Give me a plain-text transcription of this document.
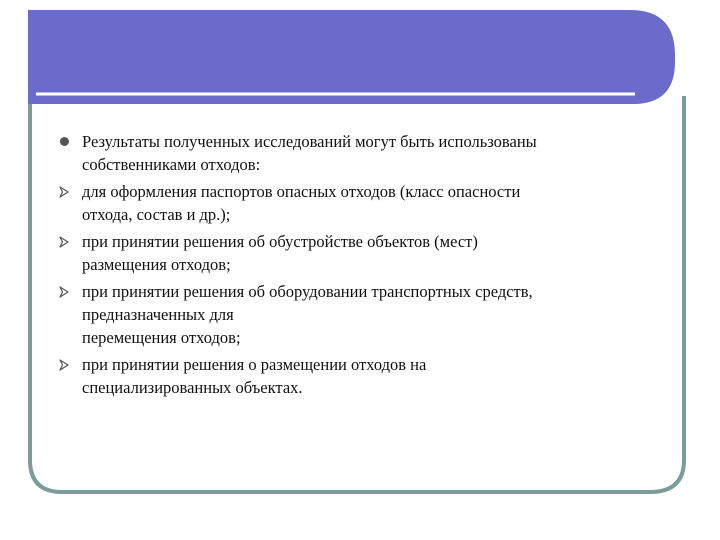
Результаты полученных исследований могут быть использованы
собственниками отходов:
для оформления паспортов опасных отходов (класс опасности
отхода, состав и др.);
при принятии решения об обустройстве объектов (мест)
размещения отходов;
при принятии решения об оборудовании транспортных средств,
предназначенных для
перемещения отходов;
при принятии решения о размещении отходов на
специализированных объектах.
